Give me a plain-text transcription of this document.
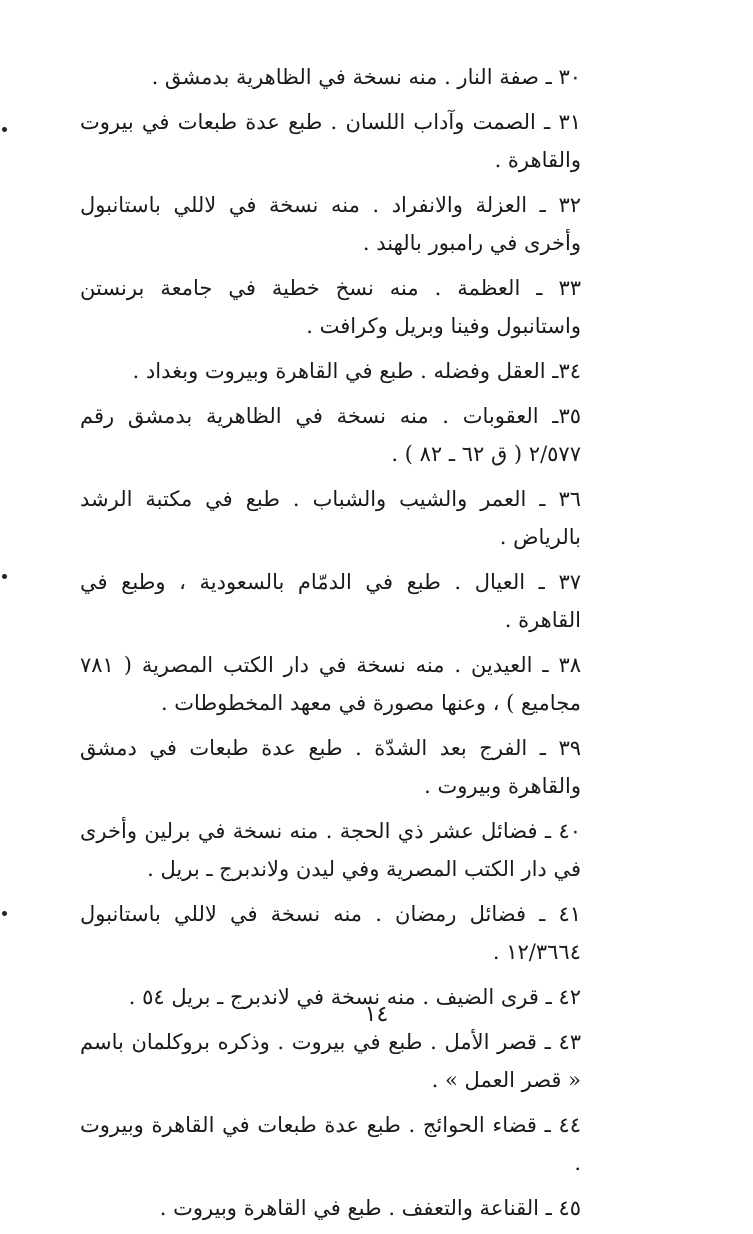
٣٠ ـ صفة النار . منه نسخة في الظاهرية بدمشق .

٣١ ـ الصمت وآداب اللسان . طبع عدة طبعات في بيروت والقاهرة .

٣٢ ـ العزلة والانفراد . منه نسخة في لاللي باستانبول وأخرى في رامبور بالهند .

٣٣ ـ العظمة . منه نسخ خطية في جامعة برنستن واستانبول وفينا وبريل وكرافت .

٣٤ـ العقل وفضله . طبع في القاهرة وبيروت وبغداد .

٣٥ـ العقوبات . منه نسخة في الظاهرية بدمشق رقم ٢/٥٧٧ ( ق ٦٢ ـ ٨٢ ) .

٣٦ ـ العمر والشيب والشباب . طبع في مكتبة الرشد بالرياض .

٣٧ ـ العيال . طبع في الدمّام بالسعودية ، وطبع في القاهرة .

٣٨ ـ العيدين . منه نسخة في دار الكتب المصرية ( ٧٨١ مجاميع ) ، وعنها مصورة في معهد المخطوطات .

٣٩ ـ الفرج بعد الشدّة . طبع عدة طبعات في دمشق والقاهرة وبيروت .

٤٠ ـ فضائل عشر ذي الحجة . منه نسخة في برلين وأخرى في دار الكتب المصرية وفي ليدن ولاندبرج ـ بريل .

٤١ ـ فضائل رمضان . منه نسخة في لاللي باستانبول ١٢/٣٦٦٤ .

٤٢ ـ قرى الضيف . منه نسخة في لاندبرج ـ بريل ٥٤ .

٤٣ ـ قصر الأمل . طبع في بيروت . وذكره بروكلمان باسم « قصر العمل » .

٤٤ ـ قضاء الحوائج . طبع عدة طبعات في القاهرة وبيروت .

٤٥ ـ القناعة والتعفف . طبع في القاهرة وبيروت .

١٤
